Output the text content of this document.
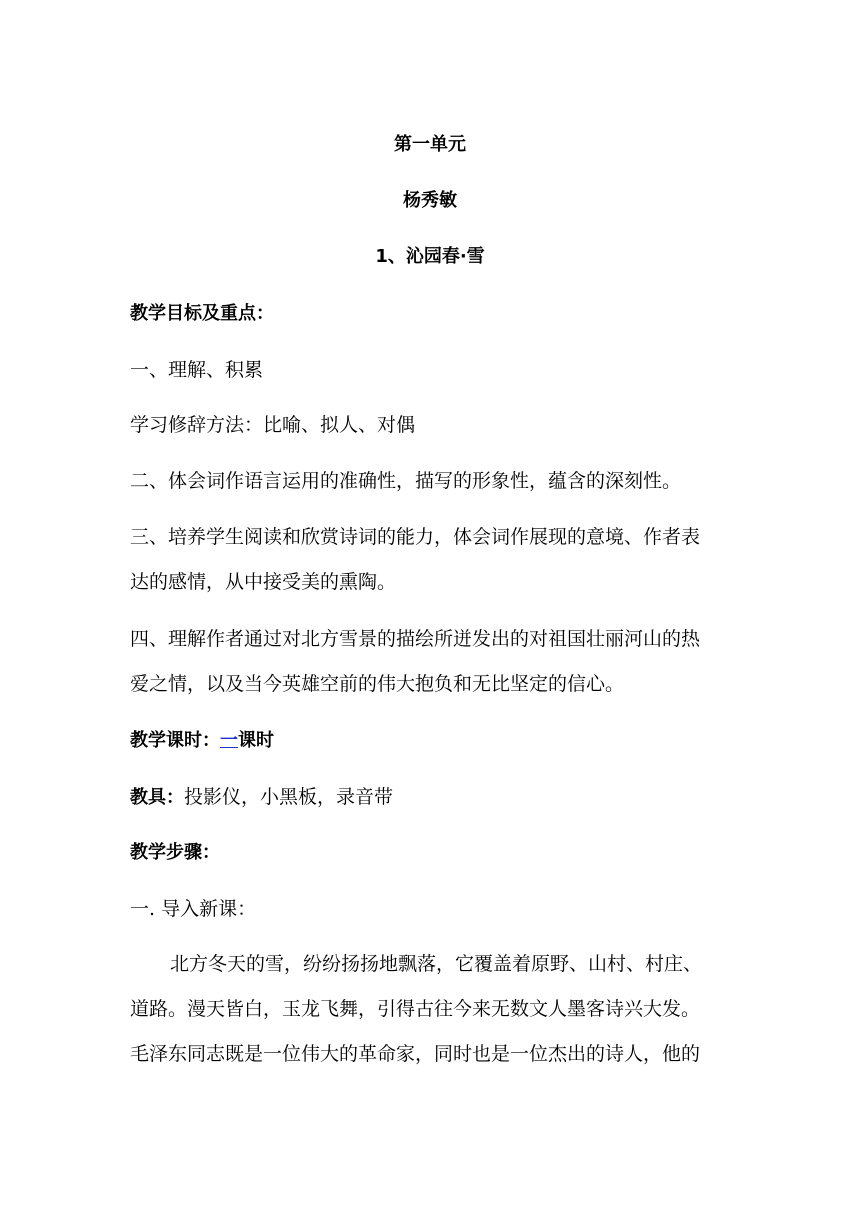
第一单元
杨秀敏
1、沁园春·雪
教学目标及重点：
一、理解、积累
学习修辞方法：比喻、拟人、对偶
二、体会词作语言运用的准确性，描写的形象性，蕴含的深刻性。
三、培养学生阅读和欣赏诗词的能力，体会词作展现的意境、作者表
达的感情，从中接受美的熏陶。
四、理解作者通过对北方雪景的描绘所迸发出的对祖国壮丽河山的热
爱之情，以及当今英雄空前的伟大抱负和无比坚定的信心。
教学课时：一课时
教具：投影仪，小黑板，录音带
教学步骤：
一. 导入新课：
北方冬天的雪，纷纷扬扬地飘落，它覆盖着原野、山村、村庄、
道路。漫天皆白，玉龙飞舞，引得古往今来无数文人墨客诗兴大发。
毛泽东同志既是一位伟大的革命家，同时也是一位杰出的诗人，他的
